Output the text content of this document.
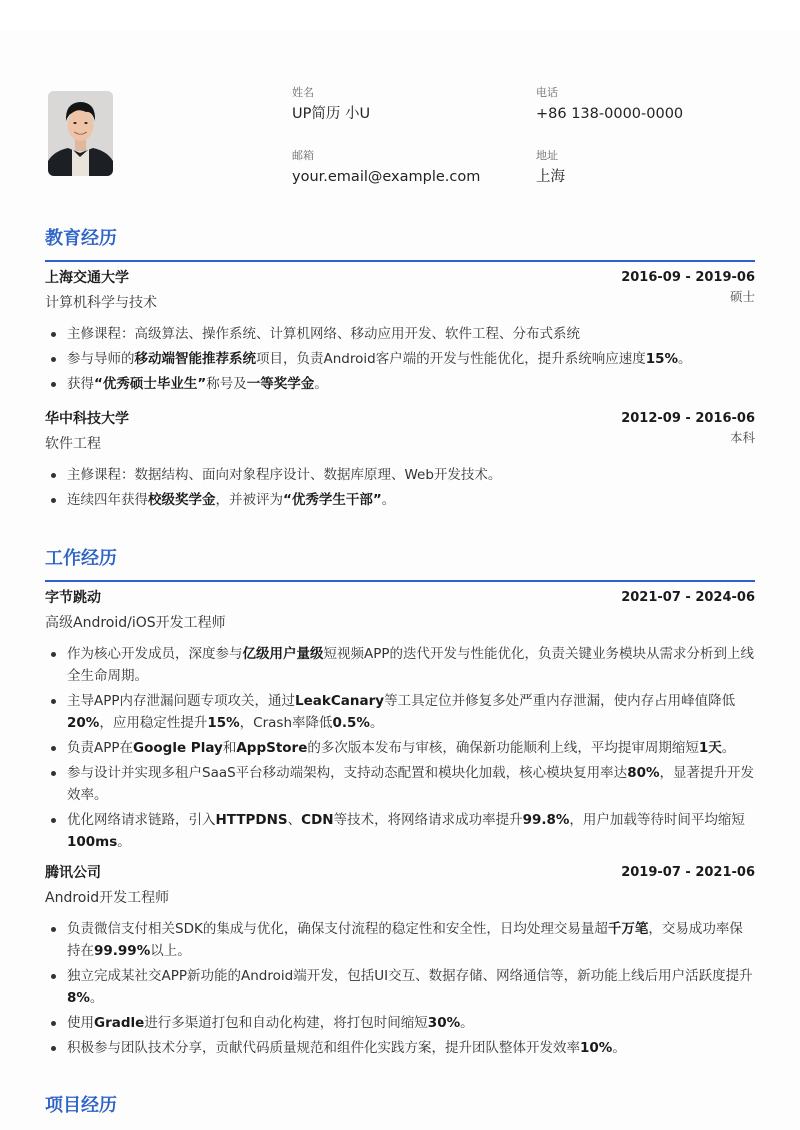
姓名
UP简历 小U
电话
+86 138-0000-0000
邮箱
your.email@example.com
地址
上海
教育经历
上海交通大学	2016-09 - 2019-06
计算机科学与技术	硕士
主修课程：高级算法、操作系统、计算机网络、移动应用开发、软件工程、分布式系统
参与导师的移动端智能推荐系统项目，负责Android客户端的开发与性能优化，提升系统响应速度15%。
获得“优秀硕士毕业生”称号及一等奖学金。
华中科技大学	2012-09 - 2016-06
软件工程	本科
主修课程：数据结构、面向对象程序设计、数据库原理、Web开发技术。
连续四年获得校级奖学金，并被评为“优秀学生干部”。
工作经历
字节跳动	2021-07 - 2024-06
高级Android/iOS开发工程师
作为核心开发成员，深度参与亿级用户量级短视频APP的迭代开发与性能优化，负责关键业务模块从需求分析到上线全生命周期。
主导APP内存泄漏问题专项攻关，通过LeakCanary等工具定位并修复多处严重内存泄漏，使内存占用峰值降低20%，应用稳定性提升15%，Crash率降低0.5%。
负责APP在Google Play和AppStore的多次版本发布与审核，确保新功能顺利上线，平均提审周期缩短1天。
参与设计并实现多租户SaaS平台移动端架构，支持动态配置和模块化加载，核心模块复用率达80%，显著提升开发效率。
优化网络请求链路，引入HTTPDNS、CDN等技术，将网络请求成功率提升99.8%，用户加载等待时间平均缩短100ms。
腾讯公司	2019-07 - 2021-06
Android开发工程师
负责微信支付相关SDK的集成与优化，确保支付流程的稳定性和安全性，日均处理交易量超千万笔，交易成功率保持在99.99%以上。
独立完成某社交APP新功能的Android端开发，包括UI交互、数据存储、网络通信等，新功能上线后用户活跃度提升8%。
使用Gradle进行多渠道打包和自动化构建，将打包时间缩短30%。
积极参与团队技术分享，贡献代码质量规范和组件化实践方案，提升团队整体开发效率10%。
项目经历
